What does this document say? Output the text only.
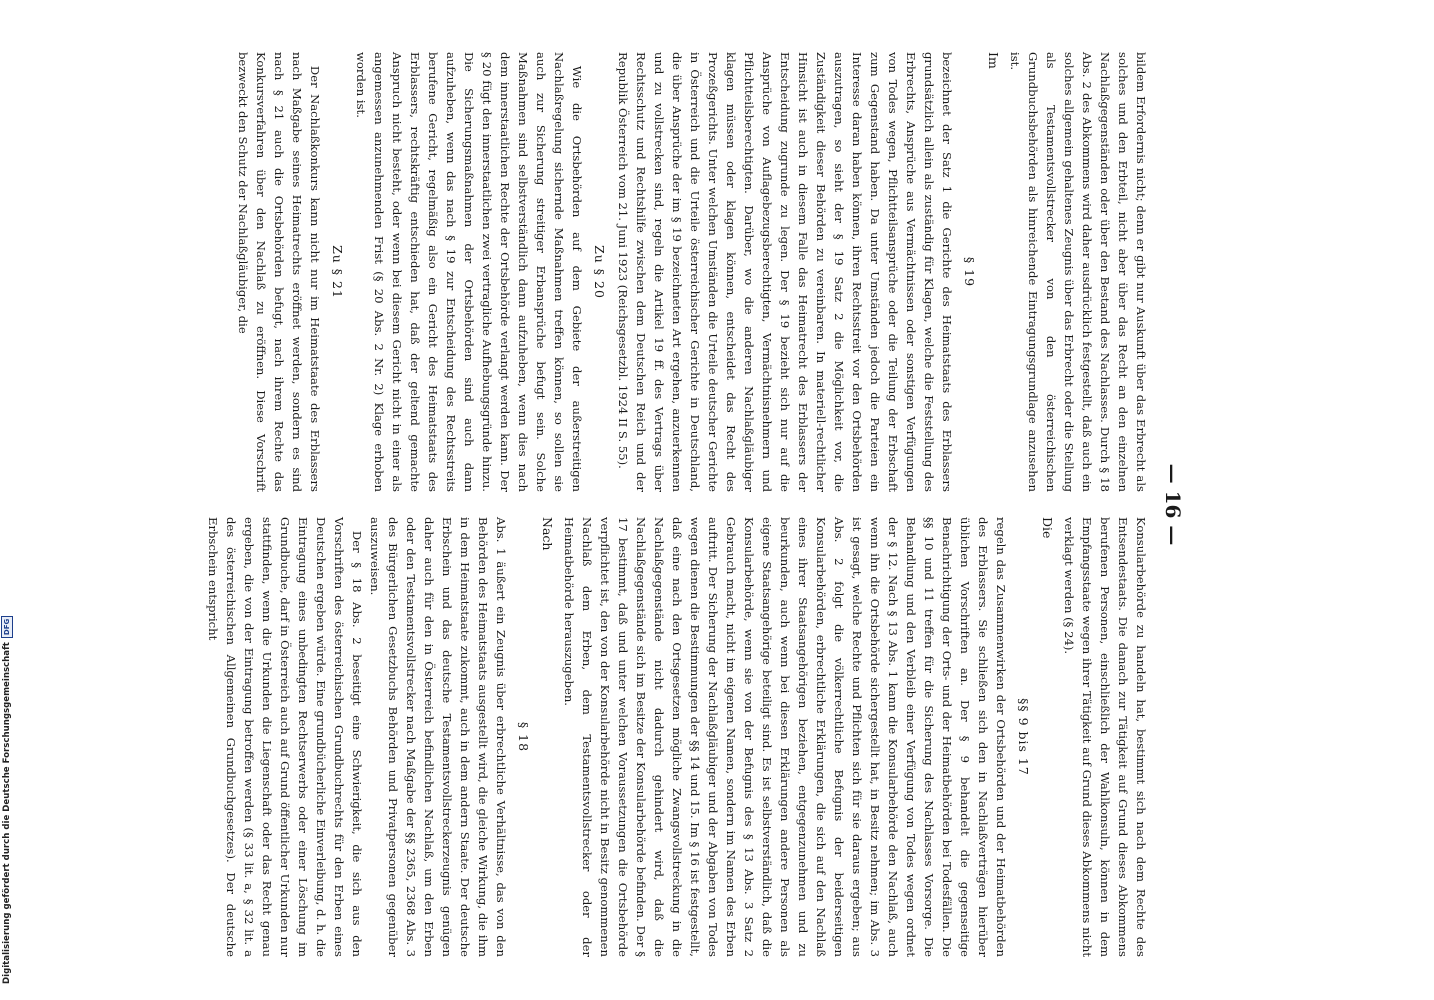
Digitalisierung gefördert durch die Deutsche Forschungsgemeinschaft
DFG
— 16 —

bildem Erfordernis nicht; denn er gibt nur Auskunft über das Erbrecht als solches und den Erbteil, nicht aber über das Recht an den einzelnen Nachlaßgegenständen oder über den Bestand des Nachlasses. Durch § 18 Abs. 2 des Abkommens wird daher ausdrücklich festgestellt, daß auch ein solches allgemein gehaltenes Zeugnis über das Erbrecht oder die Stellung als Testamentsvollstrecker von den österreichischen Grundbuchsbehörden als hinreichende Eintragungsgrundlage anzusehen ist.

Im
§ 19

bezeichnet der Satz 1 die Gerichte des Heimatstaats des Erblassers grundsätzlich allein als zuständig für Klagen, welche die Feststellung des Erbrechts, Ansprüche aus Vermächtnissen oder sonstigen Verfügungen von Todes wegen, Pflichtteilsansprüche oder die Teilung der Erbschaft zum Gegenstand haben. Da unter Umständen jedoch die Parteien ein Interesse daran haben können, ihren Rechtsstreit vor den Ortsbehörden auszutragen, so sieht der § 19 Satz 2 die Möglichkeit vor, die Zuständigkeit dieser Behörden zu vereinbaren. In materiell-rechtlicher Hinsicht ist auch in diesem Falle das Heimatrecht des Erblassers der Entscheidung zugrunde zu legen. Der § 19 bezieht sich nur auf die Ansprüche von Auflagebezugsberechtigten, Vermächtnisnehmern und Pflichtteilsberechtigten. Darüber, wo die anderen Nachlaßgläubiger klagen müssen oder klagen können, entscheidet das Recht des Prozeßgerichts. Unter welchen Umständen die Urteile deutscher Gerichte in Österreich und die Urteile österreichischer Gerichte in Deutschland, die über Ansprüche der im § 19 bezeichneten Art ergehen, anzuerkennen und zu vollstrecken sind, regeln die Artikel 19 ff. des Vertrags über Rechtsschutz und Rechtshilfe zwischen dem Deutschen Reich und der Republik Österreich vom 21. Juni 1923 (Reichsgesetzbl. 1924 II S. 55).

Zu § 20

Wie die Ortsbehörden auf dem Gebiete der außerstreitigen Nachlaßregelung sichernde Maßnahmen treffen können, so sollen sie auch zur Sicherung streitiger Erbansprüche befugt sein. Solche Maßnahmen sind selbstverständlich dann aufzuheben, wenn dies nach dem innerstaatlichen Rechte der Ortsbehörde verlangt werden kann. Der § 20 fügt den innerstaatlichen zwei vertragliche Aufhebungsgründe hinzu. Die Sicherungsmaßnahmen der Ortsbehörden sind auch dann aufzuheben, wenn das nach § 19 zur Entscheidung des Rechtsstreits berufene Gericht, regelmäßig also ein Gericht des Heimatstaats des Erblassers, rechtskräftig entschieden hat, daß der geltend gemachte Anspruch nicht besteht, oder wenn bei diesem Gericht nicht in einer als angemessen anzunehmenden Frist (§ 20 Abs. 2 Nr. 2) Klage erhoben worden ist.

Zu § 21

Der Nachlaßkonkurs kann nicht nur im Heimatstaate des Erblassers nach Maßgabe seines Heimatrechts eröffnet werden, sondern es sind nach § 21 auch die Ortsbehörden befugt, nach ihrem Rechte das Konkursverfahren über den Nachlaß zu eröffnen. Diese Vorschrift bezweckt den Schutz der Nachlaßgläubiger, die

Konsularbehörde zu handeln hat, bestimmt sich nach dem Rechte des Entsendestaats. Die danach zur Tätigkeit auf Grund dieses Abkommens berufenen Personen, einschließlich der Wahlkonsuln, können in dem Empfangsstaate wegen ihrer Tätigkeit auf Grund dieses Abkommens nicht verklagt werden (§ 24).

Die
§§ 9 bis 17

regeln das Zusammenwirken der Ortsbehörden und der Heimatbehörden des Erblassers. Sie schließen sich den in Nachlaßverträgen hierüber üblichen Vorschriften an. Der § 9 behandelt die gegenseitige Benachrichtigung der Orts- und der Heimatbehörden bei Todesfällen. Die §§ 10 und 11 treffen für die Sicherung des Nachlasses Vorsorge. Die Behandlung und den Verbleib einer Verfügung von Todes wegen ordnet der § 12. Nach § 13 Abs. 1 kann die Konsularbehörde den Nachlaß, auch wenn ihn die Ortsbehörde sichergestellt hat, in Besitz nehmen; im Abs. 3 ist gesagt, welche Rechte und Pflichten sich für sie daraus ergeben; aus Abs. 2 folgt die völkerrechtliche Befugnis der beiderseitigen Konsularbehörden, erbrechtliche Erklärungen, die sich auf den Nachlaß eines ihrer Staatsangehörigen beziehen, entgegenzunehmen und zu beurkunden, auch wenn bei diesen Erklärungen andere Personen als eigene Staatsangehörige beteiligt sind. Es ist selbstverständlich, daß die Konsularbehörde, wenn sie von der Befugnis des § 13 Abs. 3 Satz 2 Gebrauch macht, nicht im eigenen Namen, sondern im Namen des Erben auftritt. Der Sicherung der Nachlaßgläubiger und der Abgaben von Todes wegen dienen die Bestimmungen der §§ 14 und 15. Im § 16 ist festgestellt, daß eine nach den Ortsgesetzen mögliche Zwangsvollstreckung in die Nachlaßgegenstände nicht dadurch gehindert wird, daß die Nachlaßgegenstände sich im Besitze der Konsularbehörde befinden. Der § 17 bestimmt, daß und unter welchen Voraussetzungen die Ortsbehörde verpflichtet ist, den von der Konsularbehörde nicht in Besitz genommenen Nachlaß dem Erben, dem Testamentsvollstrecker oder der Heimatbehörde herauszugeben.

Nach
§ 18

Abs. 1 äußert ein Zeugnis über erbrechtliche Verhältnisse, das von den Behörden des Heimatstaats ausgestellt wird, die gleiche Wirkung, die ihm in dem Heimatstaate zukommt, auch in dem andern Staate. Der deutsche Erbschein und das deutsche Testamentsvollstreckerzeugnis genügen daher auch für den in Österreich befindlichen Nachlaß, um den Erben oder den Testamentsvollstrecker nach Maßgabe der §§ 2365, 2368 Abs. 3 des Bürgerlichen Gesetzbuchs Behörden und Privatpersonen gegenüber auszuweisen.

Der § 18 Abs. 2 beseitigt eine Schwierigkeit, die sich aus den Vorschriften des österreichischen Grundbuchrechts für den Erben eines Deutschen ergeben würde. Eine grundbücherliche Einverleibung, d. h. die Eintragung eines unbedingten Rechtserwerbs oder einer Löschung im Grundbuche, darf in Österreich auch auf Grund öffentlicher Urkunden nur stattfinden, wenn die Urkunden die Liegenschaft oder das Recht genau ergeben, die von der Eintragung betroffen werden (§ 33 lit. a, § 32 lit. a des österreichischen Allgemeinen Grundbuchgesetzes). Der deutsche Erbschein entspricht
